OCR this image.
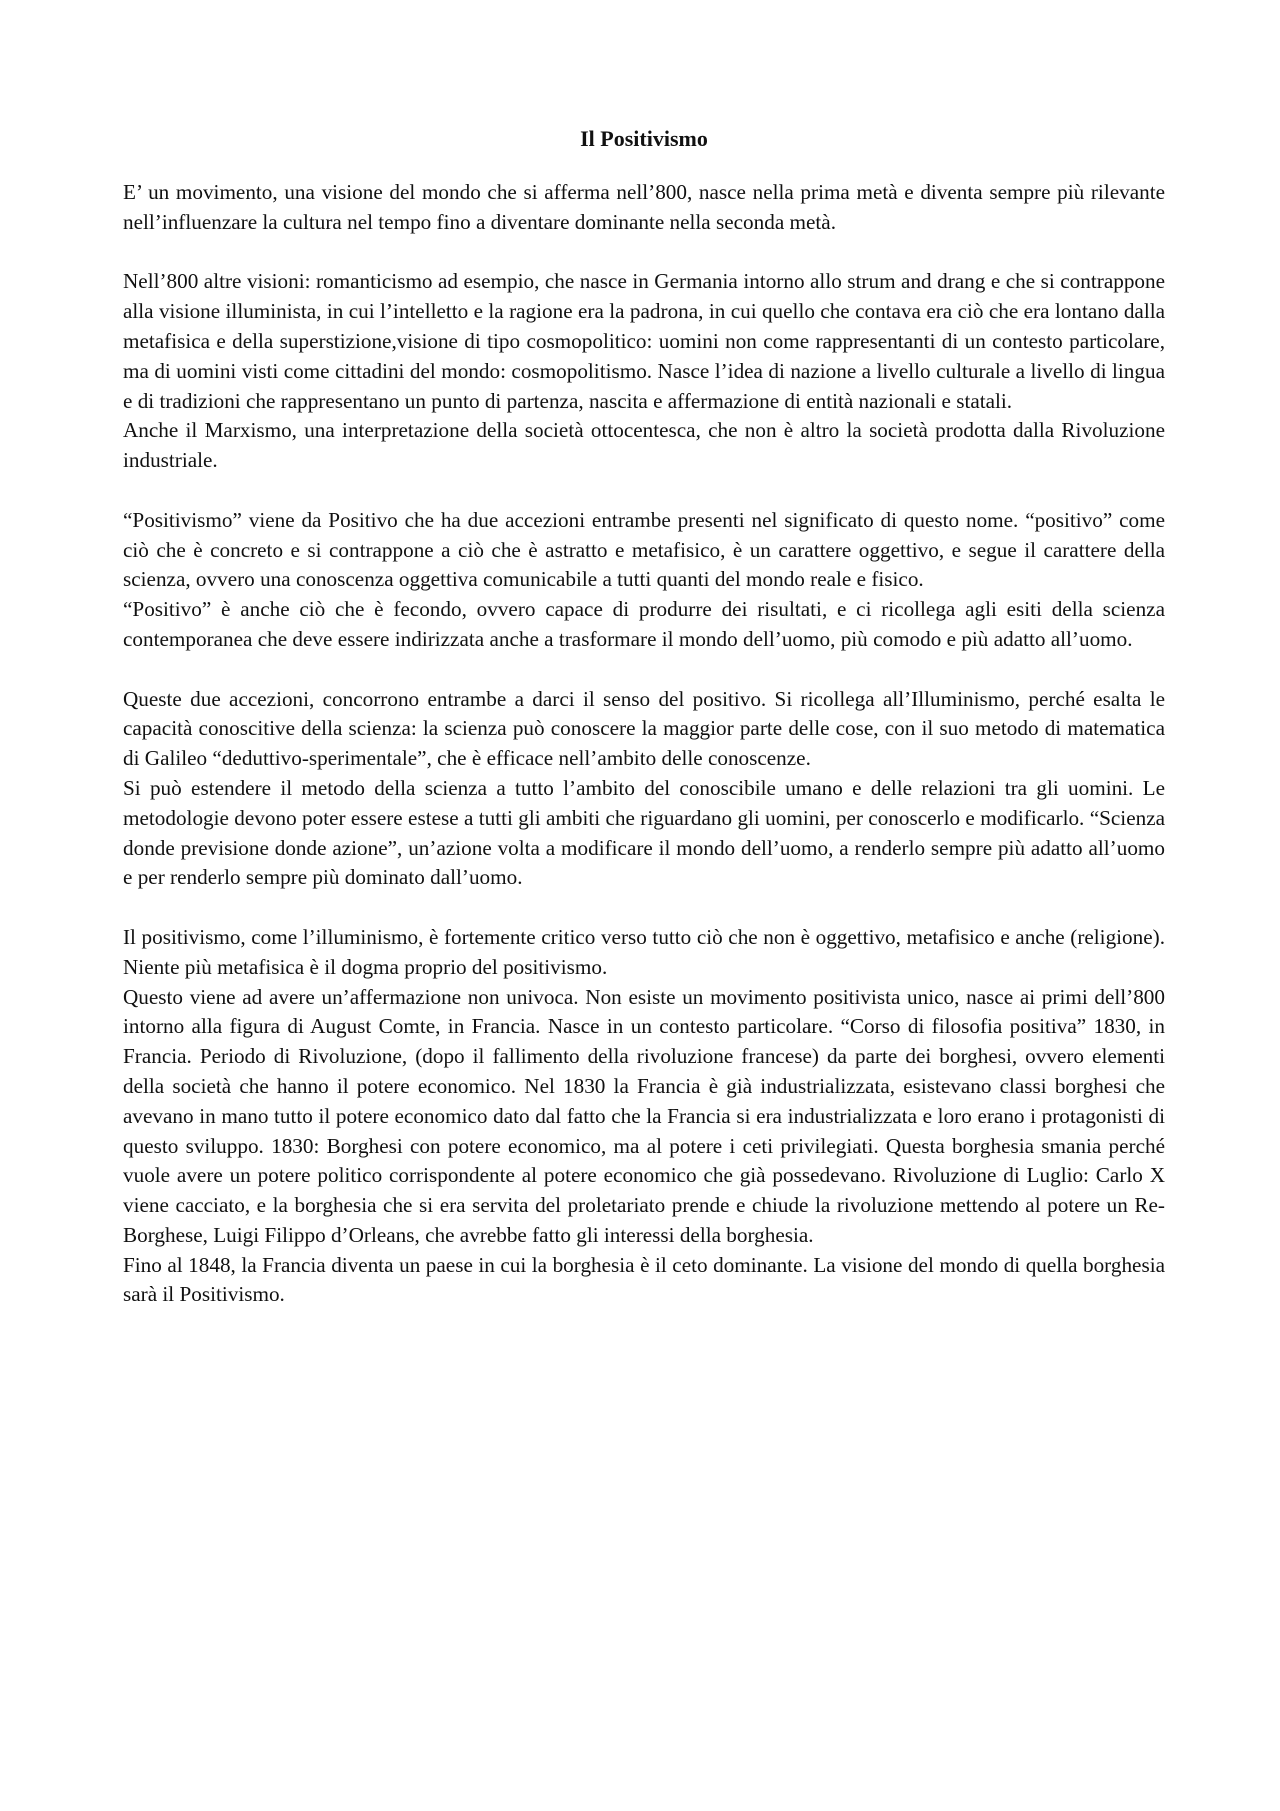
Il Positivismo

E’ un movimento, una visione del mondo che si afferma nell’800, nasce nella prima metà e diventa sempre più rilevante nell’influenzare la cultura nel tempo fino a diventare dominante nella seconda metà.

Nell’800 altre visioni: romanticismo ad esempio, che nasce in Germania intorno allo strum and drang e che si contrappone alla visione illuminista, in cui l’intelletto e la ragione era la padrona, in cui quello che contava era ciò che era lontano dalla metafisica e della superstizione,visione di tipo cosmopolitico: uomini non come rappresentanti di un contesto particolare, ma di uomini visti come cittadini del mondo: cosmopolitismo. Nasce l’idea di nazione a livello culturale a livello di lingua e di tradizioni che rappresentano un punto di partenza, nascita e affermazione di entità nazionali e statali.

Anche il Marxismo, una interpretazione della società ottocentesca, che non è altro la società prodotta dalla Rivoluzione industriale.

“Positivismo” viene da Positivo che ha due accezioni entrambe presenti nel significato di questo nome. “positivo” come ciò che è concreto e si contrappone a ciò che è astratto e metafisico, è un carattere oggettivo, e segue il carattere della scienza, ovvero una conoscenza oggettiva comunicabile a tutti quanti del mondo reale e fisico.

“Positivo” è anche ciò che è fecondo, ovvero capace di produrre dei risultati, e ci ricollega agli esiti della scienza contemporanea che deve essere indirizzata anche a trasformare il mondo dell’uomo, più comodo e più adatto all’uomo.

Queste due accezioni, concorrono entrambe a darci il senso del positivo. Si ricollega all’Illuminismo, perché esalta le capacità conoscitive della scienza: la scienza può conoscere la maggior parte delle cose, con il suo metodo di matematica di Galileo “deduttivo-sperimentale”, che è efficace nell’ambito delle conoscenze.

Si può estendere il metodo della scienza a tutto l’ambito del conoscibile umano e delle relazioni tra gli uomini. Le metodologie devono poter essere estese a tutti gli ambiti che riguardano gli uomini, per conoscerlo e modificarlo. “Scienza donde previsione donde azione”, un’azione volta a modificare il mondo dell’uomo, a renderlo sempre più adatto all’uomo e per renderlo sempre più dominato dall’uomo.

Il positivismo, come l’illuminismo, è fortemente critico verso tutto ciò che non è oggettivo, metafisico e anche (religione). Niente più metafisica è il dogma proprio del positivismo.

Questo viene ad avere un’affermazione non univoca. Non esiste un movimento positivista unico, nasce ai primi dell’800 intorno alla figura di August Comte, in Francia. Nasce in un contesto particolare. “Corso di filosofia positiva” 1830, in Francia. Periodo di Rivoluzione, (dopo il fallimento della rivoluzione francese) da parte dei borghesi, ovvero elementi della società che hanno il potere economico. Nel 1830 la Francia è già industrializzata, esistevano classi borghesi che avevano in mano tutto il potere economico dato dal fatto che la Francia si era industrializzata e loro erano i protagonisti di questo sviluppo. 1830: Borghesi con potere economico, ma al potere i ceti privilegiati. Questa borghesia smania perché vuole avere un potere politico corrispondente al potere economico che già possedevano. Rivoluzione di Luglio: Carlo X viene cacciato, e la borghesia che si era servita del proletariato prende e chiude la rivoluzione mettendo al potere un Re-Borghese, Luigi Filippo d’Orleans, che avrebbe fatto gli interessi della borghesia.

Fino al 1848, la Francia diventa un paese in cui la borghesia è il ceto dominante. La visione del mondo di quella borghesia sarà il Positivismo.
